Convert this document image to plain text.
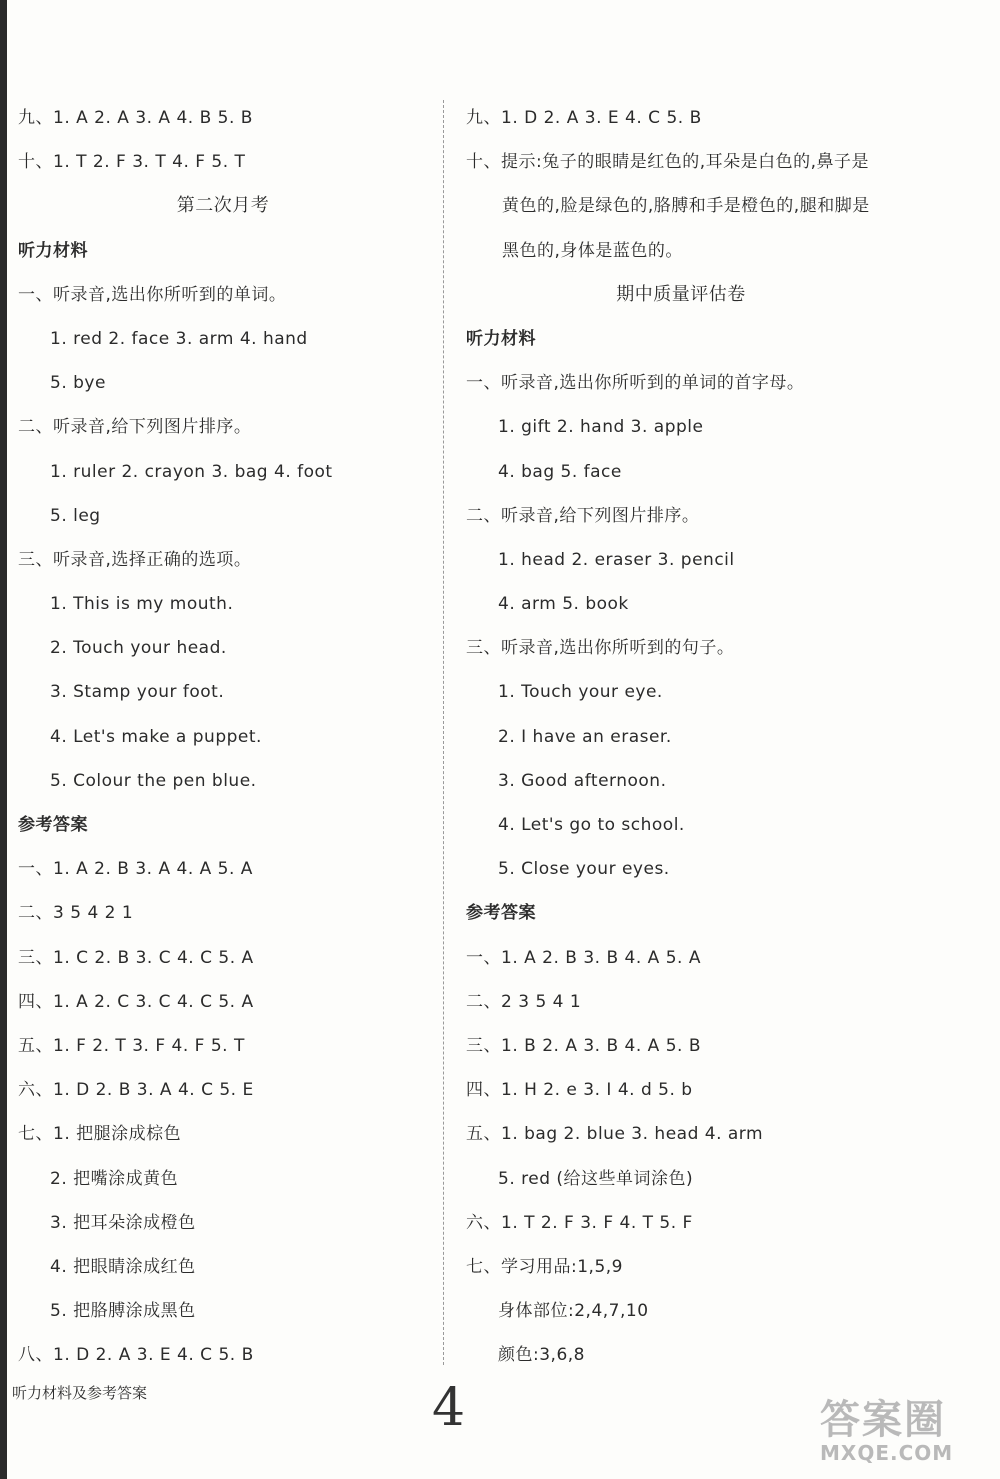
九、1. A 2. A 3. A 4. B 5. B
十、1. T 2. F 3. T 4. F 5. T
第二次月考
听力材料
一、听录音,选出你所听到的单词。
1. red 2. face 3. arm 4. hand
5. bye
二、听录音,给下列图片排序。
1. ruler 2. crayon 3. bag 4. foot
5. leg
三、听录音,选择正确的选项。
1. This is my mouth.
2. Touch your head.
3. Stamp your foot.
4. Let's make a puppet.
5. Colour the pen blue.
参考答案
一、1. A 2. B 3. A 4. A 5. A
二、3 5 4 2 1
三、1. C 2. B 3. C 4. C 5. A
四、1. A 2. C 3. C 4. C 5. A
五、1. F 2. T 3. F 4. F 5. T
六、1. D 2. B 3. A 4. C 5. E
七、1. 把腿涂成棕色
2. 把嘴涂成黄色
3. 把耳朵涂成橙色
4. 把眼睛涂成红色
5. 把胳膊涂成黑色
八、1. D 2. A 3. E 4. C 5. B
九、1. D 2. A 3. E 4. C 5. B
十、提示:兔子的眼睛是红色的,耳朵是白色的,鼻子是
黄色的,脸是绿色的,胳膊和手是橙色的,腿和脚是
黑色的,身体是蓝色的。
期中质量评估卷
听力材料
一、听录音,选出你所听到的单词的首字母。
1. gift 2. hand 3. apple
4. bag 5. face
二、听录音,给下列图片排序。
1. head 2. eraser 3. pencil
4. arm 5. book
三、听录音,选出你所听到的句子。
1. Touch your eye.
2. I have an eraser.
3. Good afternoon.
4. Let's go to school.
5. Close your eyes.
参考答案
一、1. A 2. B 3. B 4. A 5. A
二、2 3 5 4 1
三、1. B 2. A 3. B 4. A 5. B
四、1. H 2. e 3. I 4. d 5. b
五、1. bag 2. blue 3. head 4. arm
5. red (给这些单词涂色)
六、1. T 2. F 3. F 4. T 5. F
七、学习用品:1,5,9
身体部位:2,4,7,10
颜色:3,6,8
听力材料及参考答案	4	答案圈
MXQE.COM
